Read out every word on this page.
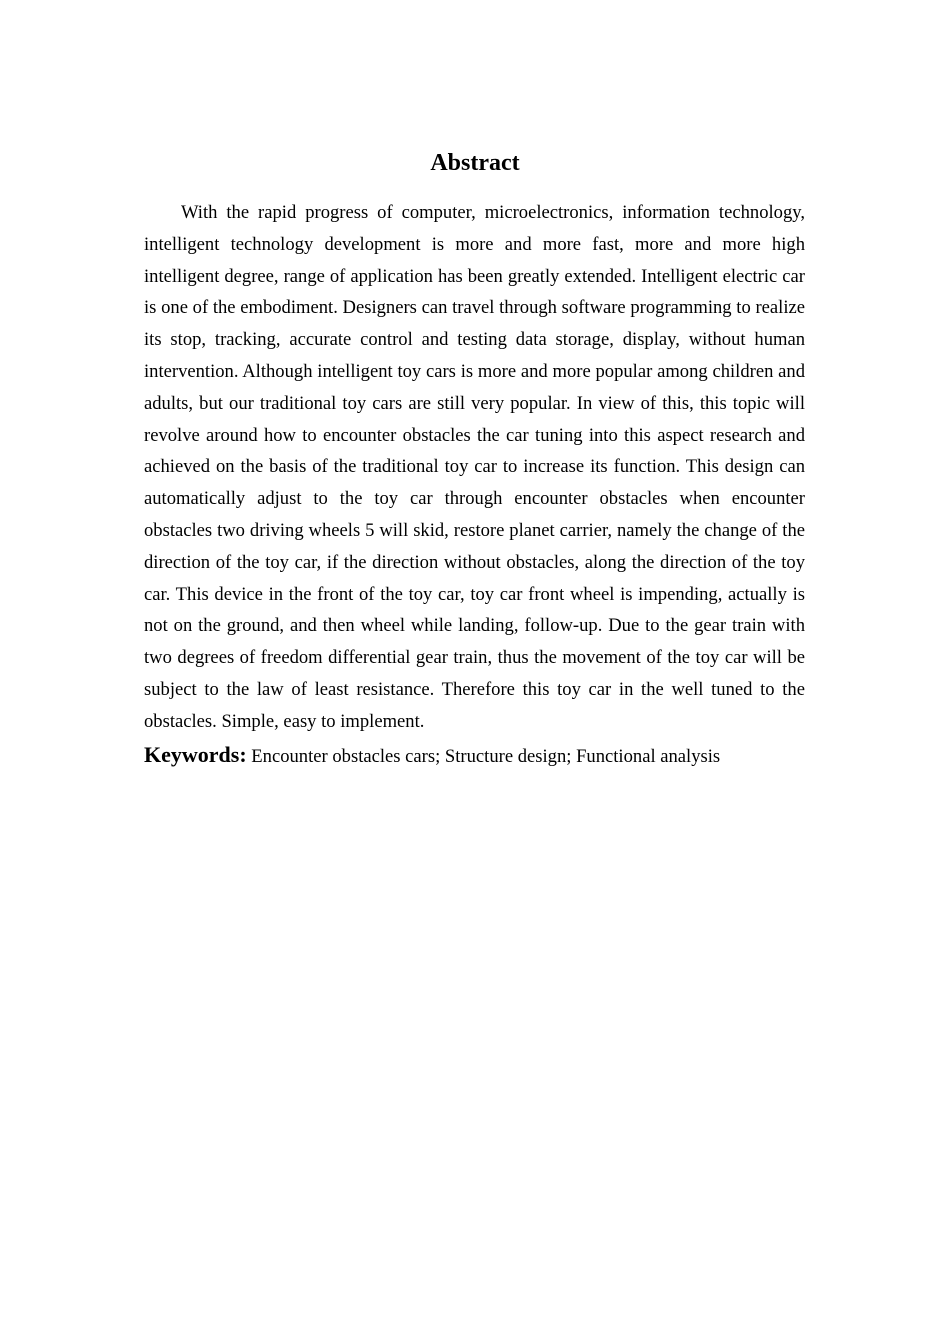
Abstract

With the rapid progress of computer, microelectronics, information technology, intelligent technology development is more and more fast, more and more high intelligent degree, range of application has been greatly extended. Intelligent electric car is one of the embodiment. Designers can travel through software programming to realize its stop, tracking, accurate control and testing data storage, display, without human intervention. Although intelligent toy cars is more and more popular among children and adults, but our traditional toy cars are still very popular. In view of this, this topic will revolve around how to encounter obstacles the car tuning into this aspect research and achieved on the basis of the traditional toy car to increase its function. This design can automatically adjust to the toy car through encounter obstacles when encounter obstacles two driving wheels 5 will skid, restore planet carrier, namely the change of the direction of the toy car, if the direction without obstacles, along the direction of the toy car. This device in the front of the toy car, toy car front wheel is impending, actually is not on the ground, and then wheel while landing, follow-up. Due to the gear train with two degrees of freedom differential gear train, thus the movement of the toy car will be subject to the law of least resistance. Therefore this toy car in the well tuned to the obstacles. Simple, easy to implement.

Keywords: Encounter obstacles cars; Structure design; Functional analysis
